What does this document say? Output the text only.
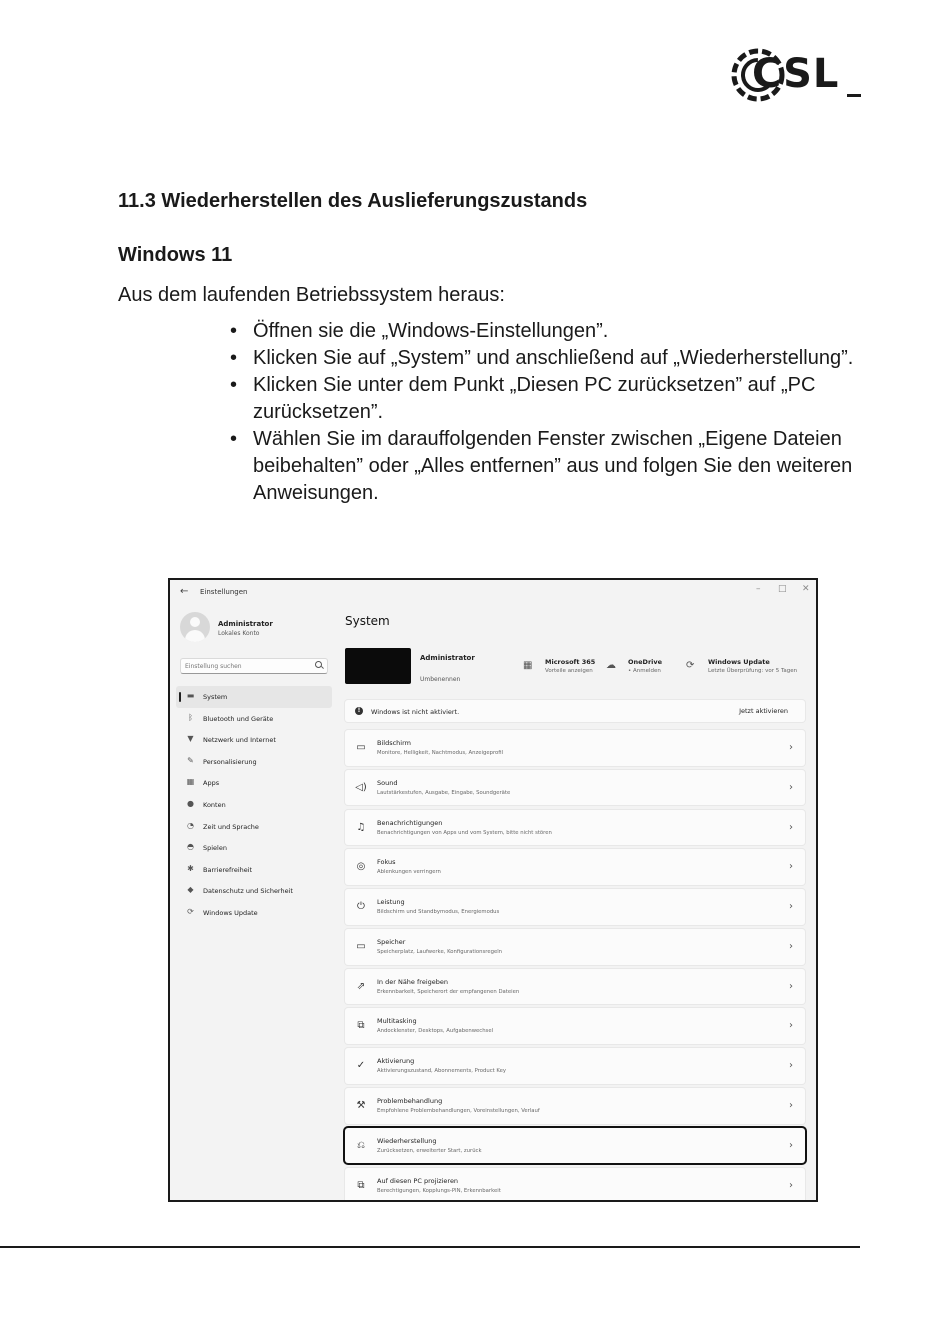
CSL
11.3 Wiederherstellen des Auslieferungszustands
Windows 11

Aus dem laufenden Betriebssystem heraus:

• Öffnen sie die „Windows-Einstellungen”.
• Klicken Sie auf „System” und anschließend auf „Wiederherstellung”.
• Klicken Sie unter dem Punkt „Diesen PC zurücksetzen” auf „PC zurücksetzen”.
• Wählen Sie im darauffolgenden Fenster zwischen „Eigene Dateien beibehalten” oder „Alles entfernen” aus und folgen Sie den weiteren Anweisungen.
← Einstellungen	– □ ✕
Administrator
Lokales Konto
Einstellung suchen
▬ System
ᛒ	Bluetooth und Geräte
▼ Netzwerk und Internet
✎ Personalisierung
▦ Apps
● Konten
◔ Zeit und Sprache
◓ Spielen
✱ Barrierefreiheit
◆ Datenschutz und Sicherheit
⟳ Windows Update
System
Administrator
Umbenennen
▦ Microsoft 365
Vorteile anzeigen ☁ OneDrive
• Anmelden	⟳ Windows Update
Letzte Überprüfung: vor 5 Tagen
!	Windows ist nicht aktiviert.	Jetzt aktivieren
▭ Bildschirm
Monitore, Helligkeit, Nachtmodus, Anzeigeprofil	›
◁) Sound
Lautstärkestufen, Ausgabe, Eingabe, Soundgeräte	›
♫ Benachrichtigungen
Benachrichtigungen von Apps und vom System, bitte nicht stören	›
◎ Fokus
Ablenkungen verringern	›
⏻	Leistung
Bildschirm und Standbymodus, Energiemodus	›
▭ Speicher
Speicherplatz, Laufwerke, Konfigurationsregeln	›
⇗ In der Nähe freigeben
Erkennbarkeit, Speicherort der empfangenen Dateien	›
⧉	Multitasking
Andocklenster, Desktops, Aufgabenwechsel	›
✓ Aktivierung
Aktivierungszustand, Abonnements, Product Key	›
⚒ Problembehandlung
Empfohlene Problembehandlungen, Voreinstellungen, Verlauf	›
⎌	Wiederherstellung
Zurücksetzen, erweiterter Start, zurück	›
⧉	Auf diesen PC projizieren
Berechtigungen, Kopplungs-PIN, Erkennbarkeit	›
